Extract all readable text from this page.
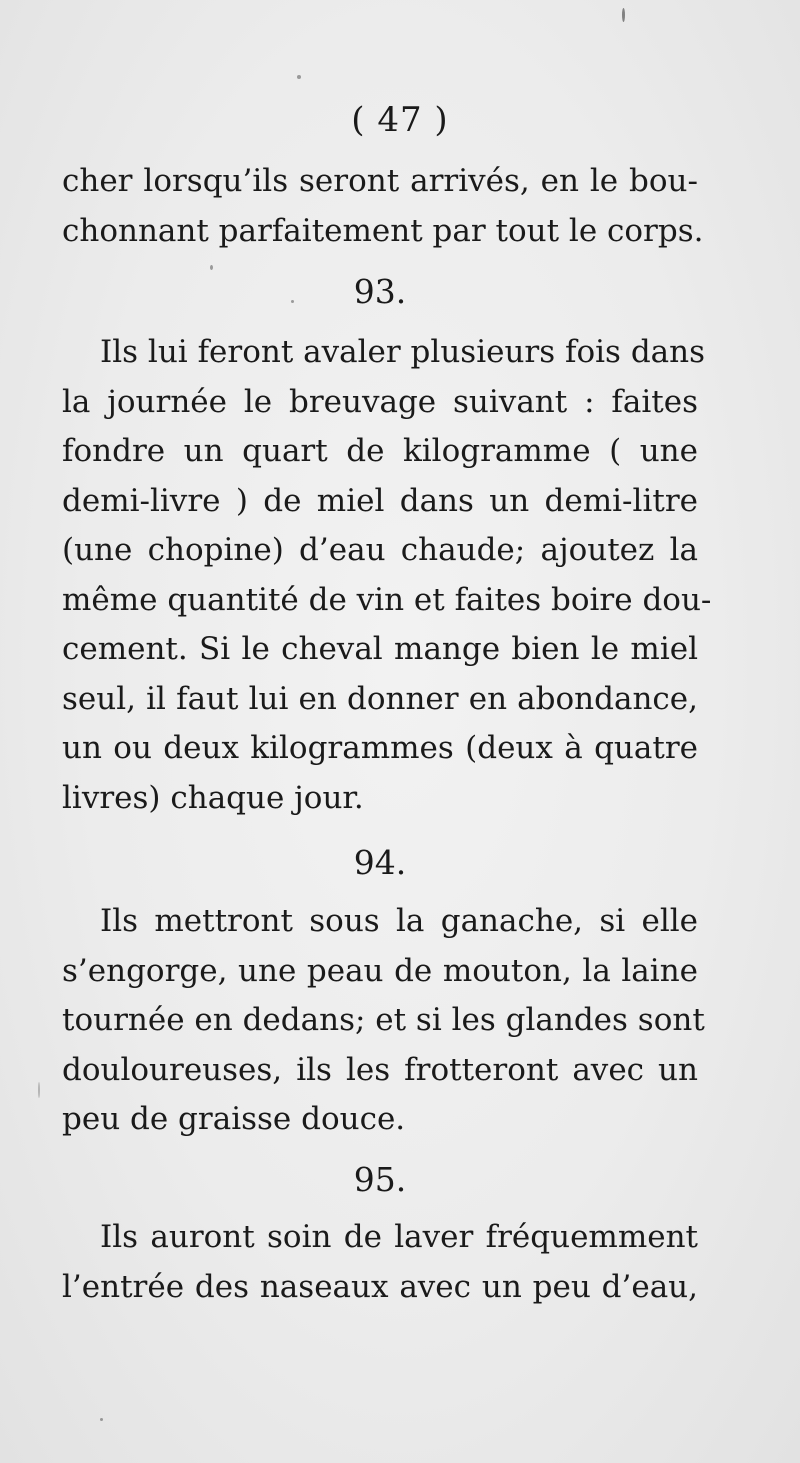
( 47 )
cher lorsqu’ils seront arrivés, en le bou-
chonnant parfaitement par tout le corps.
93.
Ils lui feront avaler plusieurs fois dans
la journée le breuvage suivant : faites
fondre un quart de kilogramme ( une
demi-livre ) de miel dans un demi-litre
(une chopine) d’eau chaude; ajoutez la
même quantité de vin et faites boire dou-
cement. Si le cheval mange bien le miel
seul, il faut lui en donner en abondance,
un ou deux kilogrammes (deux à quatre
livres) chaque jour.
94.
Ils mettront sous la ganache, si elle
s’engorge, une peau de mouton, la laine
tournée en dedans; et si les glandes sont
douloureuses, ils les frotteront avec un
peu de graisse douce.
95.
Ils auront soin de laver fréquemment
l’entrée des naseaux avec un peu d’eau,
